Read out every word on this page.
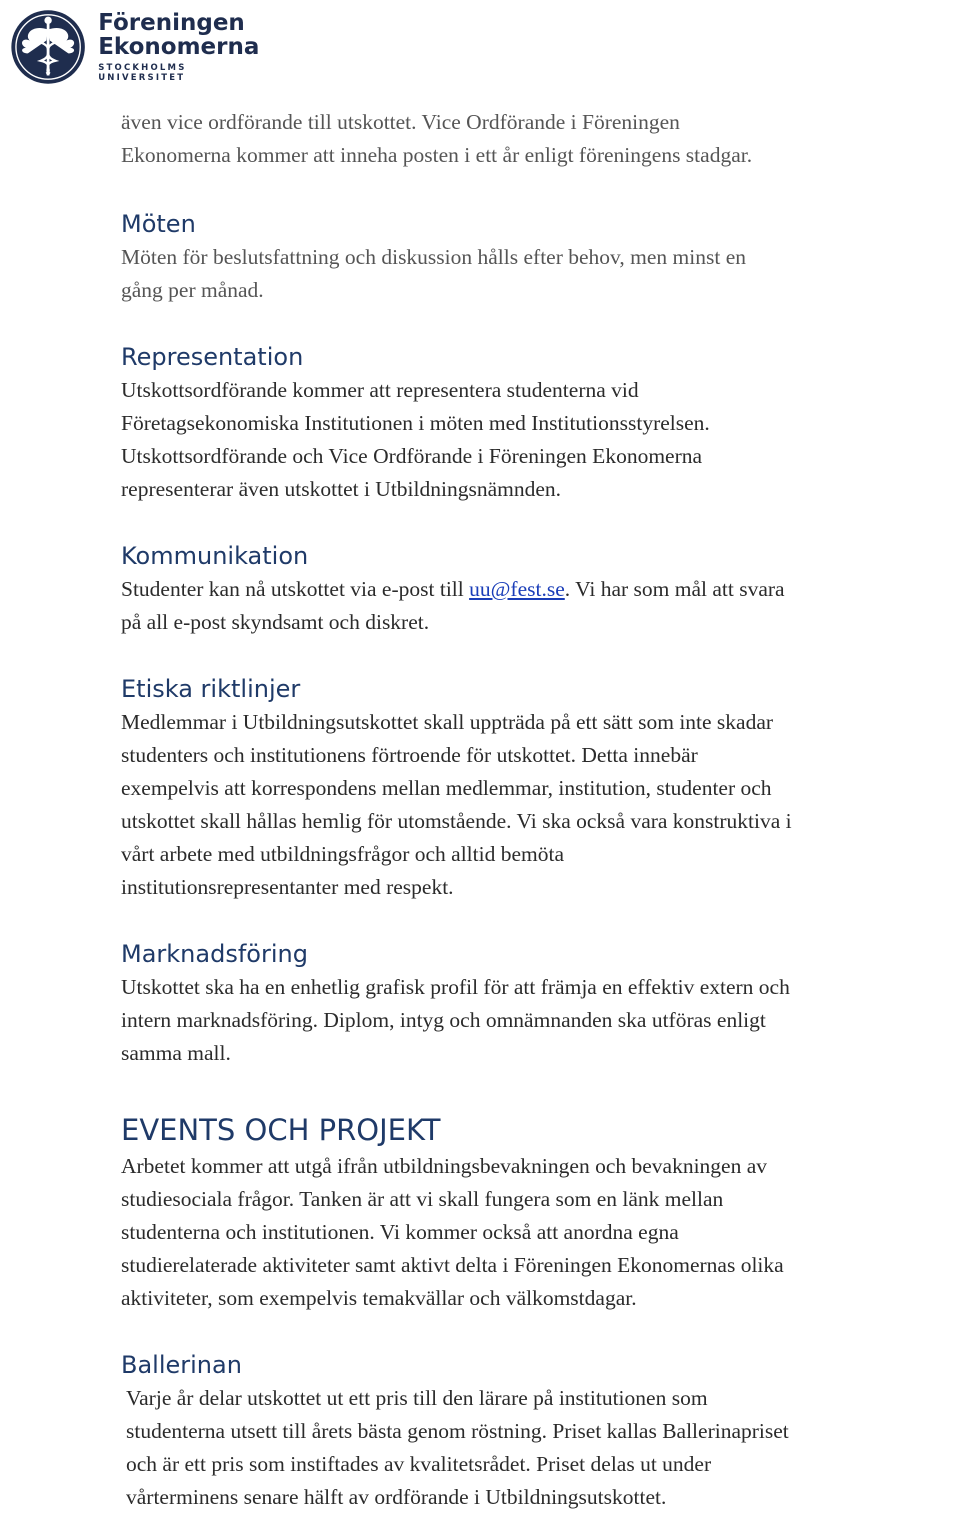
Föreningen
Ekonomerna
STOCKHOLMS UNIVERSITET

även vice ordförande till utskottet. Vice Ordförande i Föreningen

Ekonomerna kommer att inneha posten i ett år enligt föreningens stadgar.

Möten

Möten för beslutsfattning och diskussion hålls efter behov, men minst en

gång per månad.

Representation

Utskottsordförande kommer att representera studenterna vid

Företagsekonomiska Institutionen i möten med Institutionsstyrelsen.

Utskottsordförande och Vice Ordförande i Föreningen Ekonomerna

representerar även utskottet i Utbildningsnämnden.

Kommunikation

Studenter kan nå utskottet via e-post till uu@fest.se. Vi har som mål att svara

på all e-post skyndsamt och diskret.

Etiska riktlinjer

Medlemmar i Utbildningsutskottet skall uppträda på ett sätt som inte skadar

studenters och institutionens förtroende för utskottet. Detta innebär

exempelvis att korrespondens mellan medlemmar, institution, studenter och

utskottet skall hållas hemlig för utomstående. Vi ska också vara konstruktiva i

vårt arbete med utbildningsfrågor och alltid bemöta

institutionsrepresentanter med respekt.

Marknadsföring

Utskottet ska ha en enhetlig grafisk profil för att främja en effektiv extern och

intern marknadsföring. Diplom, intyg och omnämnanden ska utföras enligt

samma mall.

EVENTS OCH PROJEKT

Arbetet kommer att utgå ifrån utbildningsbevakningen och bevakningen av

studiesociala frågor. Tanken är att vi skall fungera som en länk mellan

studenterna och institutionen. Vi kommer också att anordna egna

studierelaterade aktiviteter samt aktivt delta i Föreningen Ekonomernas olika

aktiviteter, som exempelvis temakvällar och välkomstdagar.

Ballerinan

Varje år delar utskottet ut ett pris till den lärare på institutionen som

studenterna utsett till årets bästa genom röstning. Priset kallas Ballerinapriset

och är ett pris som instiftades av kvalitetsrådet. Priset delas ut under

vårterminens senare hälft av ordförande i Utbildningsutskottet.
